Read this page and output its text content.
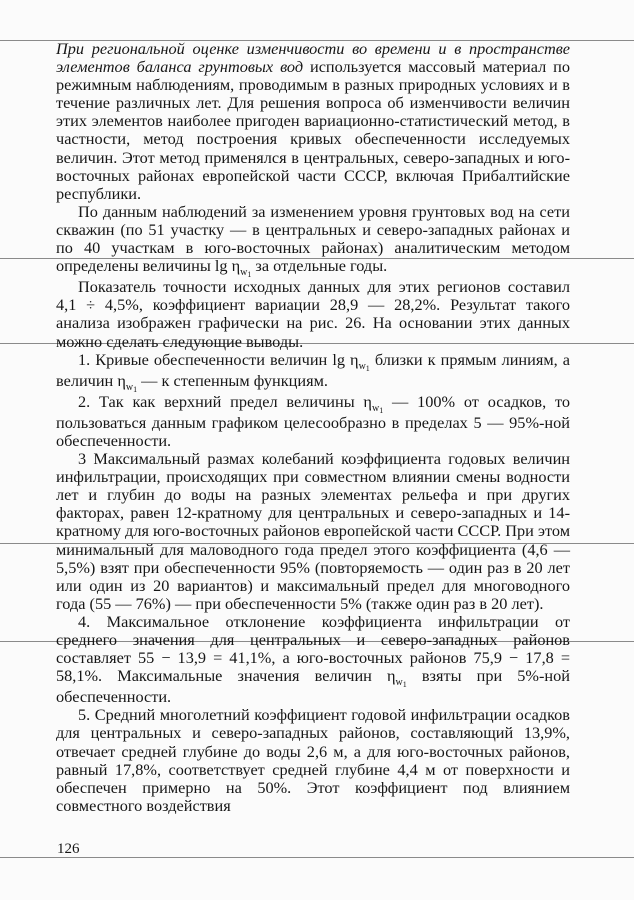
При региональной оценке изменчивости во времени и в пространстве элементов баланса грунтовых вод используется массовый материал по режимным наблюдениям, проводимым в разных природных условиях и в течение различных лет. Для решения вопроса об изменчивости величин этих элементов наиболее пригоден вариационно-статистический метод, в частности, метод построения кривых обеспеченности исследуемых величин. Этот метод применялся в центральных, северо-западных и юго-восточных районах европейской части СССР, включая Прибалтийские республики.

По данным наблюдений за изменением уровня грунтовых вод на сети скважин (по 51 участку — в центральных и северо-западных районах и по 40 участкам в юго-восточных районах) аналитическим методом определены величины $\lg \eta_{w1}$ за отдельные годы.

Показатель точности исходных данных для этих регионов составил 4,1 ÷ 4,5%, коэффициент вариации 28,9 — 28,2%. Результат такого анализа изображен графически на рис. 26. На основании этих данных можно сделать следующие выводы.

1. Кривые обеспеченности величин $\lg \eta_{w1}$ близки к прямым линиям, а величин $\eta_{w1}$ — к степенным функциям.

2. Так как верхний предел величины $\eta_{w1}$ — 100% от осадков, то пользоваться данным графиком целесообразно в пределах 5 — 95%-ной обеспеченности.

3 Максимальный размах колебаний коэффициента годовых величин инфильтрации, происходящих при совместном влиянии смены водности лет и глубин до воды на разных элементах рельефа и при других факторах, равен 12-кратному для центральных и северо-западных и 14-кратному для юго-восточных районов европейской части СССР. При этом минимальный для маловодного года предел этого коэффициента (4,6 — 5,5%) взят при обеспеченности 95% (повторяемость — один раз в 20 лет или один из 20 вариантов) и максимальный предел для многоводного года (55 — 76%) — при обеспеченности 5% (также один раз в 20 лет).

4. Максимальное отклонение коэффициента инфильтрации от среднего значения для центральных и северо-западных районов составляет 55 − 13,9 = 41,1%, а юго-восточных районов 75,9 − 17,8 = 58,1%. Максимальные значения величин $\eta_{w1}$ взяты при 5%-ной обеспеченности.

5. Средний многолетний коэффициент годовой инфильтрации осадков для центральных и северо-западных районов, составляющий 13,9%, отвечает средней глубине до воды 2,6 м, а для юго-восточных районов, равный 17,8%, соответствует средней глубине 4,4 м от поверхности и обеспечен примерно на 50%. Этот коэффициент под влиянием совместного воздействия

126
